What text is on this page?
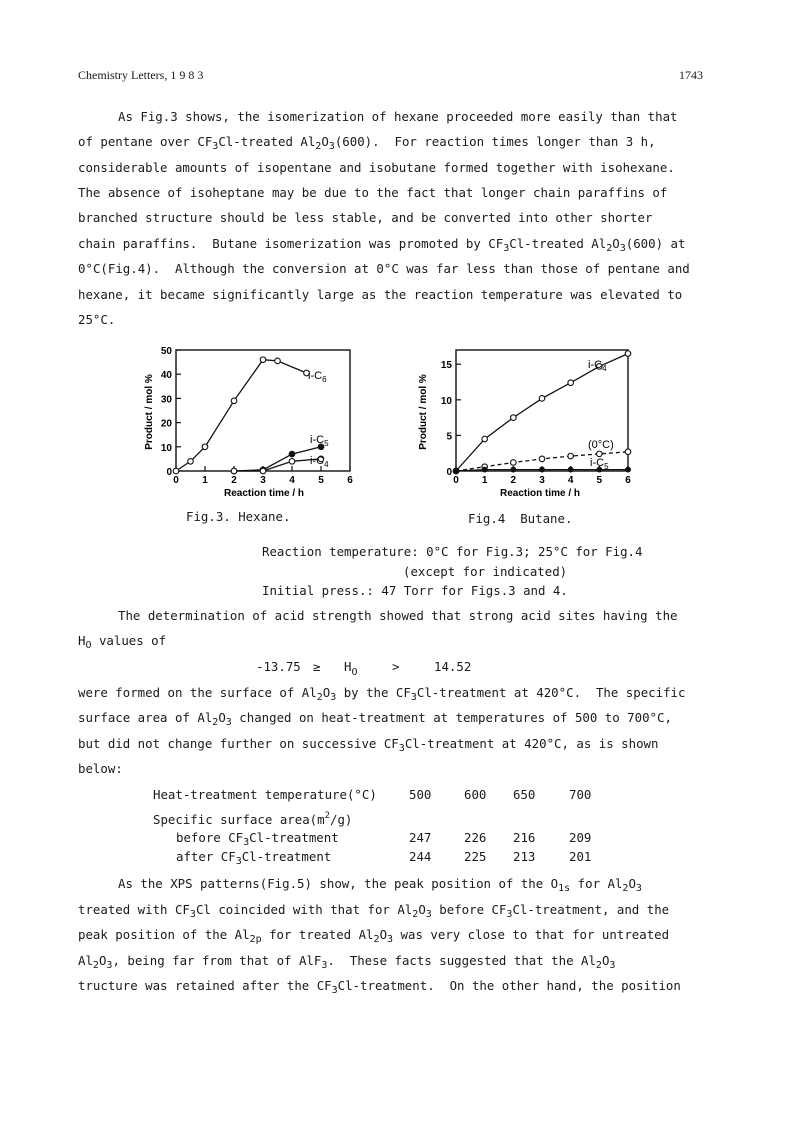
Chemistry Letters, 1 9 8 3	1743
As Fig.3 shows, the isomerization of hexane proceeded more easily than that
of pentane over $CF_3Cl$-treated $Al_2O_3(600)$.  For reaction times longer than 3 h,
considerable amounts of isopentane and isobutane formed together with isohexane.
The absence of isoheptane may be due to the fact that longer chain paraffins of
branched structure should be less stable, and be converted into other shorter
chain paraffins.  Butane isomerization was promoted by $CF_3Cl$-treated $Al_2O_3(600)$ at
0°C(Fig.4).  Although the conversion at 0°C was far less than those of pentane and
hexane, it became significantly large as the reaction temperature was elevated to
25°C.
0
10
20
30
40
50
0 1 2 3 4 5 6
Product / mol %
Reaction time / h
$i-C_6$
$i-C_5$
$i-C_4$
Fig.3. Hexane.
0
5
10
15
0 1 2 3 4 5 6
Product / mol %
Reaction time / h
$i-C_4$
(0°C)
$i-C_5$
Fig.4  Butane.
Reaction temperature: 0°C for Fig.3; 25°C for Fig.4
(except for indicated)
Initial press.: 47 Torr for Figs.3 and 4.
The determination of acid strength showed that strong acid sites having the
$H_O$ values of
$-13.75 \ge H_O$	>	14.52
were formed on the surface of $Al_2O_3$ by the $CF_3Cl$-treatment at 420°C.  The specific
surface area of $Al_2O_3$ changed on heat-treatment at temperatures of 500 to 700°C,
but did not change further on successive $CF_3Cl$-treatment at 420°C, as is shown
below:
Heat-treatment temperature(°C)	500	600 650	700
Specific surface $area(m^2/g)$
before $CF_3Cl$-treatment	247	226 216	209
after $CF_3Cl$-treatment	244	225 213	201
As the XPS patterns(Fig.5) show, the peak position of the $O_{1s}$ for $Al_2O_3$
treated with $CF_3Cl$ coincided with that for $Al_2O_3$ before $CF_3Cl$-treatment, and the
peak position of the $Al_{2p}$ for treated $Al_2O_3$ was very close to that for untreated
$Al_2O_3$, being far from that of AlF$_3$.  These facts suggested that the $Al_2O_3$
tructure was retained after the $CF_3Cl$-treatment.  On the other hand, the position
